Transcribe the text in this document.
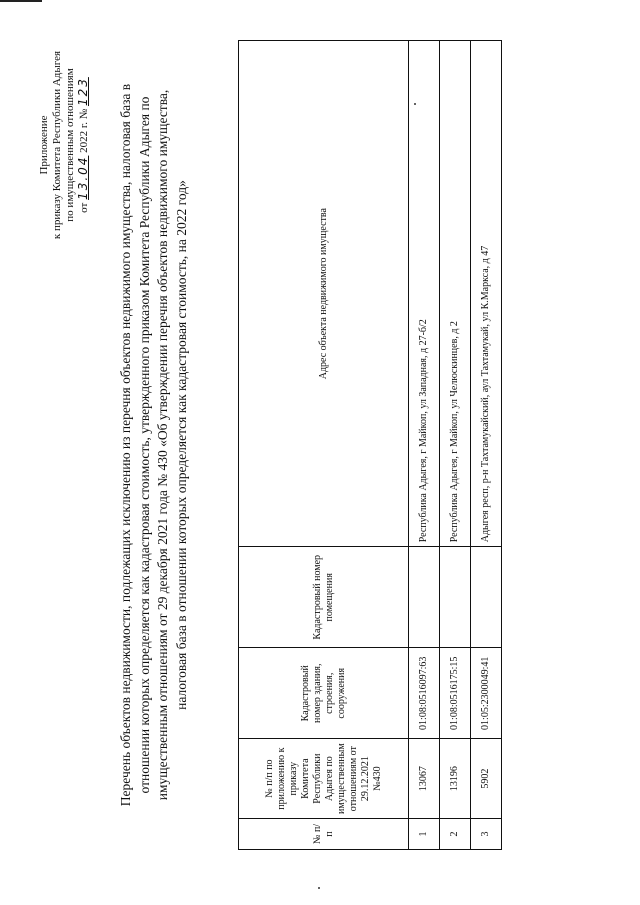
Приложение к приказу Комитета Республики Адыгея по имущественным отношениям от 13.04 2022 г. № 123 Перечень объектов недвижимости, подлежащих исключению из перечня объектов недвижимого имущества, налоговая база в отношении которых определяется как кадастровая стоимость, утвержденного приказом Комитета Республики Адыгея по имущественным отношениям от 29 декабря 2021 года № 430 «Об утверждении перечня объектов недвижимого имущества, налоговая база в отношении которых определяется как кадастровая стоимость, на 2022 год»
№ п/п	№ п/п по приложению к приказу Комитета Республики Адыгея по имущественным отношениям от 29.12.2021 №430	Кадастровый номер здания, строения, сооружения	Кадастровый номер помещения	Адрес объекта недвижимого имущества
1	13067	01:08:0516097:63		Республика Адыгея, г Майкоп, ул Западная, д 27-б/2
2	13196	01:08:0516175:15		Республика Адыгея, г Майкоп, ул Челюскинцев, д 2
3	5902	01:05:2300049:41		Адыгея респ, р-н Тахтамукайский, аул Тахтамукай, ул К.Маркса, д 47
